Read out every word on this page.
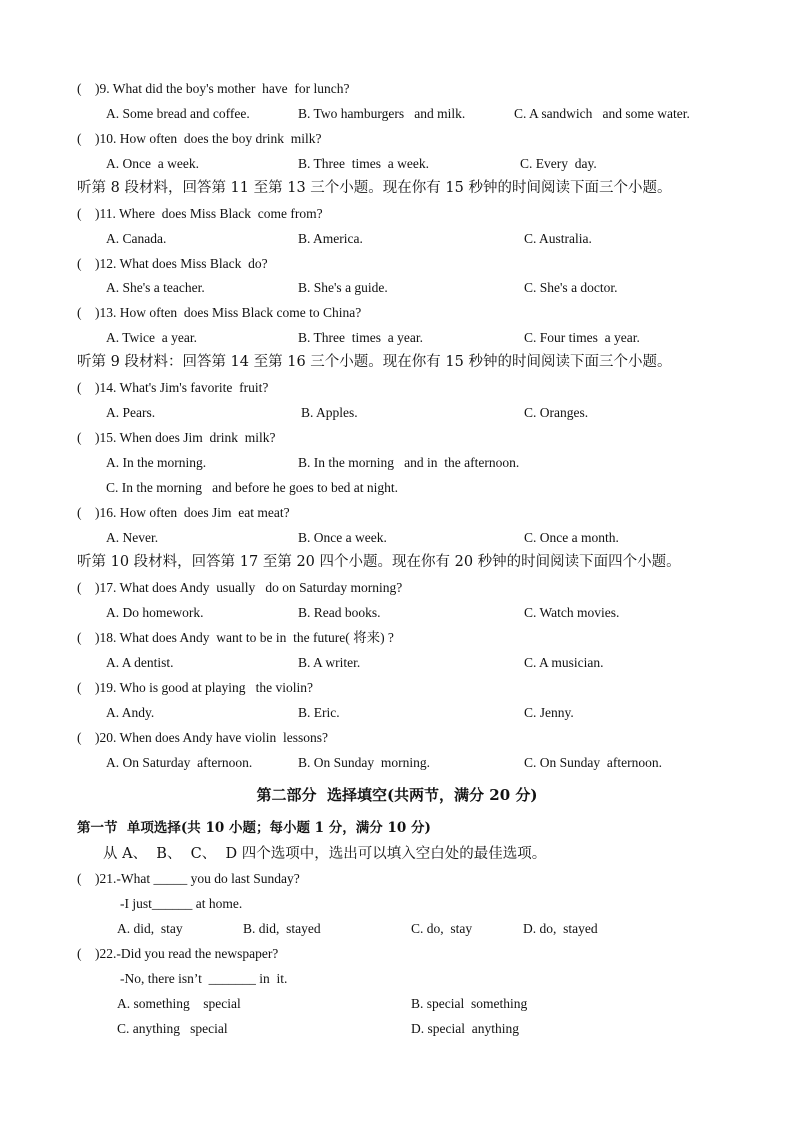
(    )9. What did the boy's mother  have  for lunch?
A. Some bread and coffee.	B. Two hamburgers   and milk.	C. A sandwich   and some water.
(    )10. How often  does the boy drink  milk?
A. Once  a week.	B. Three  times  a week.	C. Every  day.
听第 8 段材料，回答第 11 至第 13 三个小题。现在你有 15 秒钟的时间阅读下面三个小题。
(    )11. Where  does Miss Black  come from?
A. Canada.	B. America.	C. Australia.
(    )12. What does Miss Black  do?
A. She's a teacher.	B. She's a guide.	C. She's a doctor.
(    )13. How often  does Miss Black come to China?
A. Twice  a year.	B. Three  times  a year.	C. Four times  a year.
听第 9 段材料：回答第 14 至第 16 三个小题。现在你有 15 秒钟的时间阅读下面三个小题。
(    )14. What's Jim's favorite  fruit?
A. Pears.	B. Apples.	C. Oranges.
(    )15. When does Jim  drink  milk?
A. In the morning.	B. In the morning   and in  the afternoon.
C. In the morning   and before he goes to bed at night.
(    )16. How often  does Jim  eat meat?
A. Never.	B. Once a week.	C. Once a month.
听第 10 段材料，回答第 17 至第 20 四个小题。现在你有 20 秒钟的时间阅读下面四个小题。
(    )17. What does Andy  usually   do on Saturday morning?
A. Do homework.	B. Read books.	C. Watch movies.
(    )18. What does Andy  want to be in  the future( 将来) ?
A. A dentist.	B. A writer.	C. A musician.
(    )19. Who is good at playing   the violin?
A. Andy.	B. Eric.	C. Jenny.
(    )20. When does Andy have violin  lessons?
A. On Saturday  afternoon.	B. On Sunday  morning.	C. On Sunday  afternoon.
第二部分  选择填空(共两节，满分 20 分)
第一节  单项选择(共 10 小题；每小题 1 分，满分 10 分)
从 A、  B、  C、  D 四个选项中，选出可以填入空白处的最佳选项。
(    )21.-What _____ you do last Sunday?
-I just______ at home.
A. did,  stay	B. did,  stayed	C. do,  stay	D. do,  stayed
(    )22.-Did you read the newspaper?
-No, there isn’t  _______ in  it.
A. something    special	B. special  something
C. anything   special	D. special  anything
